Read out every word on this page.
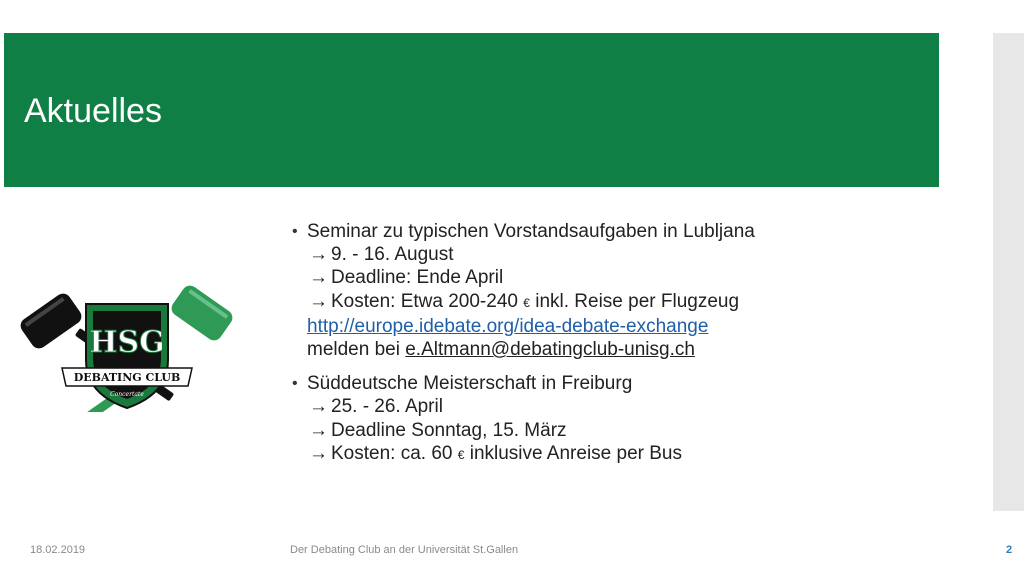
Aktuelles
HSG
DEBATING CLUB
Concertate
• Seminar zu typischen Vorstandsaufgaben in Lubljana
→ 9. - 16. August
→ Deadline: Ende April
→ Kosten: Etwa 200-240 € inkl. Reise per Flugzeug
http://europe.idebate.org/idea-debate-exchange
melden bei e.Altmann@debatingclub-unisg.ch
• Süddeutsche Meisterschaft in Freiburg
→ 25. - 26. April
→ Deadline Sonntag, 15. März
→ Kosten: ca. 60 € inklusive Anreise per Bus
18.02.2019	Der Debating Club an der Universität St.Gallen	2
